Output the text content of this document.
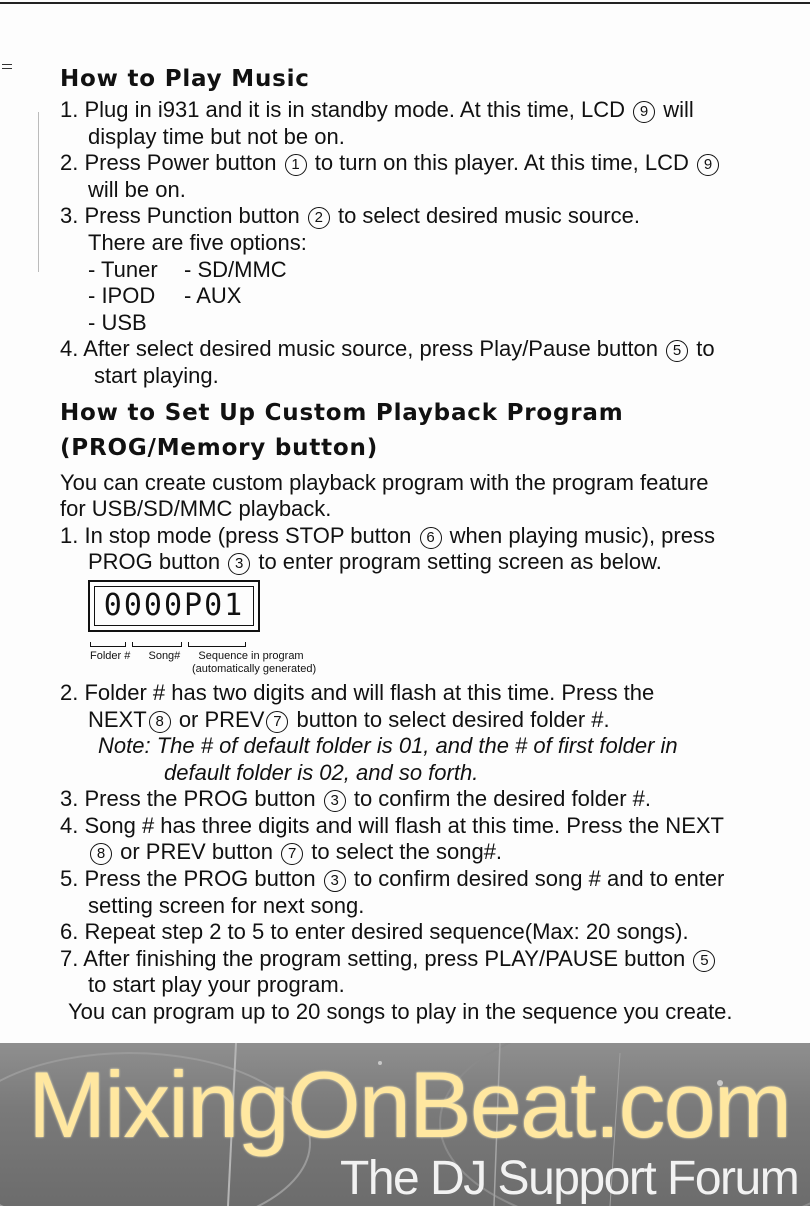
How to Play Music
1. Plug in i931 and it is in standby mode. At this time, LCD 9 will
display time but not be on.
2. Press Power button 1 to turn on this player. At this time, LCD 9
will be on.
3. Press Punction button 2 to select desired music source.
There are five options:
- Tuner	- SD/MMC
- IPOD	- AUX
- USB
4. After select desired music source, press Play/Pause button 5 to
start playing.
How to Set Up Custom Playback Program
(PROG/Memory button)
You can create custom playback program with the program feature
for USB/SD/MMC playback.
1. In stop mode (press STOP button 6 when playing music), press
PROG button 3 to enter program setting screen as below.
0000P01
Folder # Song# Sequence in program
(automatically generated)
2. Folder # has two digits and will flash at this time. Press the
NEXT 8 or PREV 7 button to select desired folder #.
Note: The # of default folder is 01, and the # of first folder in
default folder is 02, and so forth.
3. Press the PROG button 3 to confirm the desired folder #.
4. Song # has three digits and will flash at this time. Press the NEXT
8 or PREV button 7 to select the song#.
5. Press the PROG button 3 to confirm desired song # and to enter
setting screen for next song.
6. Repeat step 2 to 5 to enter desired sequence(Max: 20 songs).
7. After finishing the program setting, press PLAY/PAUSE button 5
to start play your program.
You can program up to 20 songs to play in the sequence you create.
MixingOnBeat.com
The DJ Support Forum
